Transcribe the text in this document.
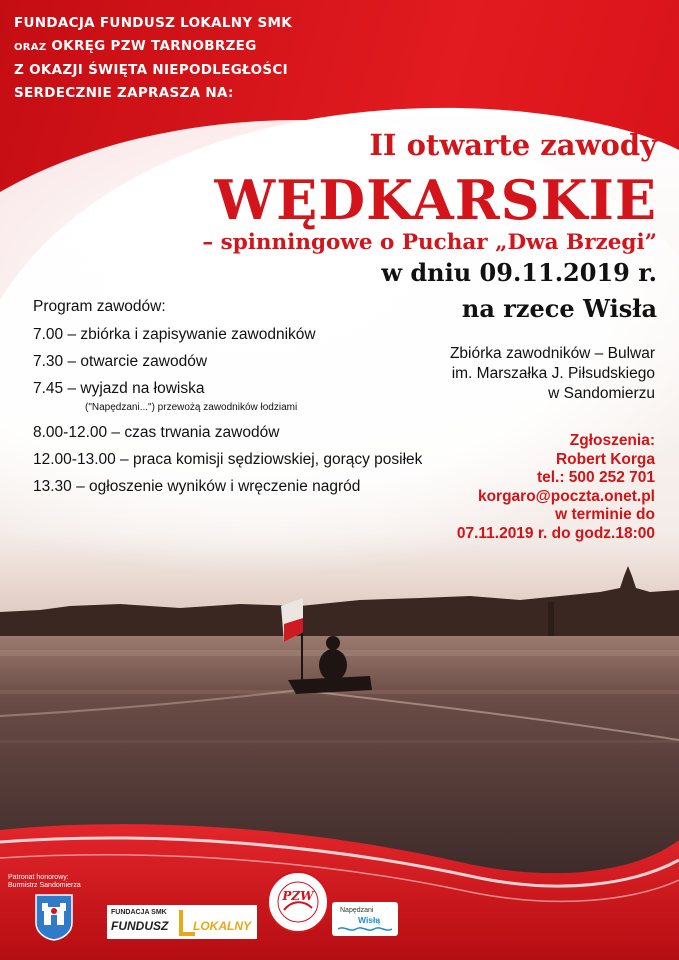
FUNDACJA FUNDUSZ LOKALNY SMK
ORAZ OKRĘG PZW TARNOBRZEG
Z OKAZJI ŚWIĘTA NIEPODLEGŁOŚCI
SERDECZNIE ZAPRASZA NA:
II otwarte zawody
WĘDKARSKIE
– spinningowe o Puchar „Dwa Brzegi”
w dniu 09.11.2019 r.
na rzece Wisła
Program zawodów:
7.00 – zbiórka i zapisywanie zawodników
7.30 – otwarcie zawodów
7.45 – wyjazd na łowiska
("Napędzani...") przewożą zawodników łodziami
8.00-12.00 – czas trwania zawodów
12.00-13.00 – praca komisji sędziowskiej, gorący posiłek
13.30 – ogłoszenie wyników i wręczenie nagród
Zbiórka zawodników – Bulwar
im. Marszałka J. Piłsudskiego
w Sandomierzu
Zgłoszenia:
Robert Korga
tel.: 500 252 701
korgaro@poczta.onet.pl
w terminie do
07.11.2019 r. do godz.18:00
Patronat honorowy:
Burmistrz Sandomierza
FUNDACJA SMK
FUNDUSZ LOKALNY
PZW
Napędzani
Wisłą
